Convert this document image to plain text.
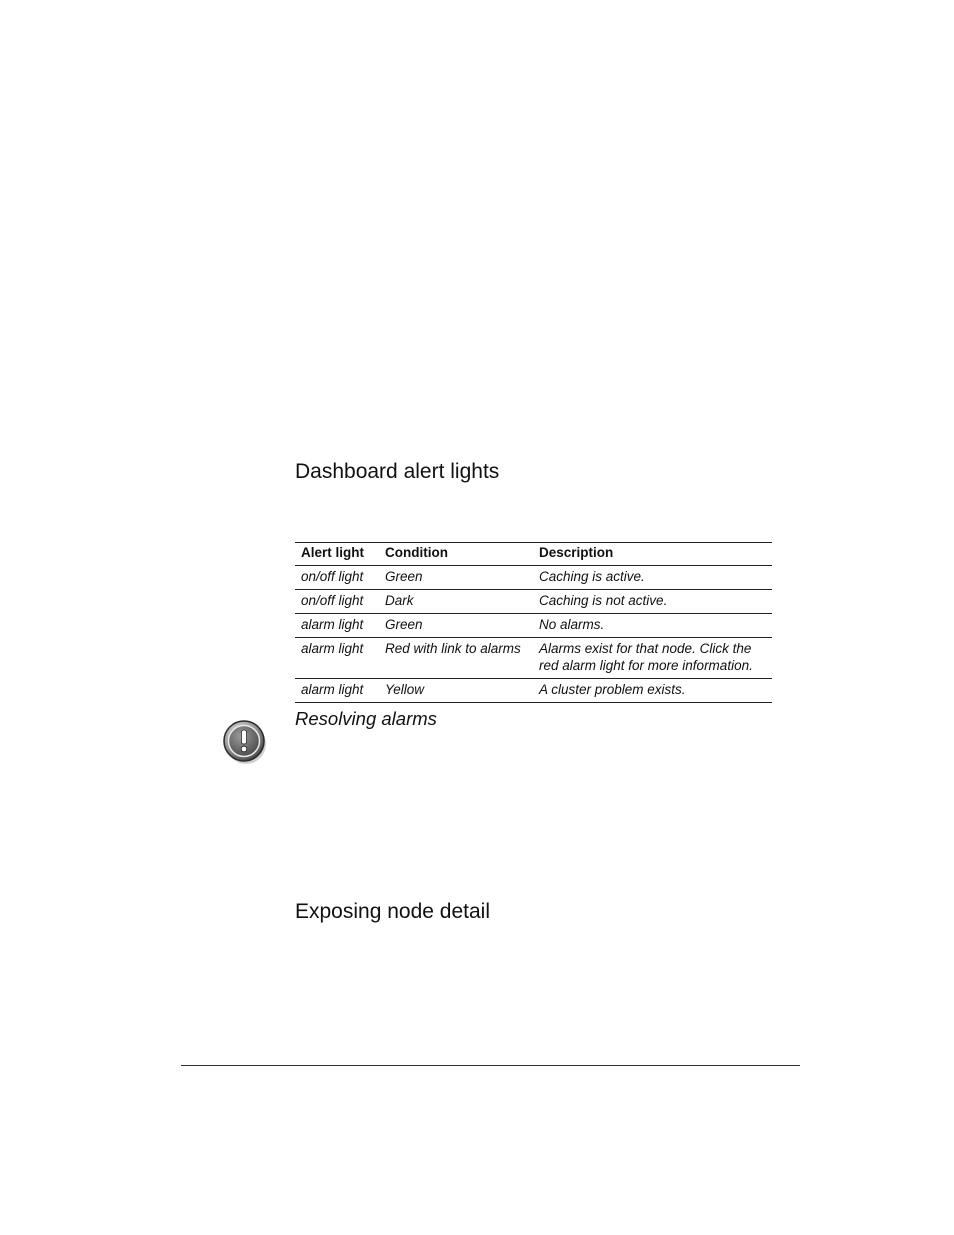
Dashboard alert lights
Alert light	Condition	Description
on/off light	Green	Caching is active.
on/off light	Dark	Caching is not active.
alarm light	Green	No alarms.
alarm light	Red with link to alarms	Alarms exist for that node. Click the red alarm light for more information.
alarm light	Yellow	A cluster problem exists.
Resolving alarms
Exposing node detail
